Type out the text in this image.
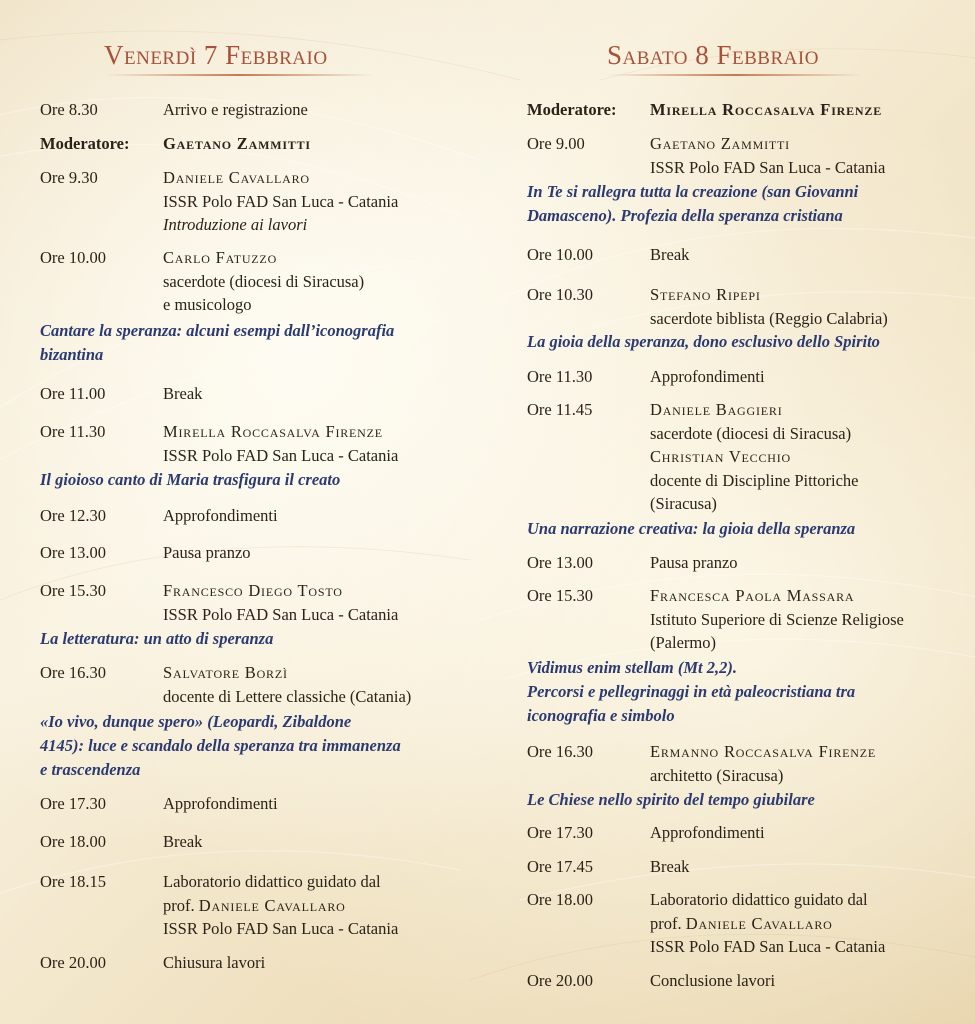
Venerdì 7 Febbraio
Ore 8.30	Arrivo e registrazione
Moderatore:	Gaetano Zammitti
Ore 9.30	Daniele Cavallaro
ISSR Polo FAD San Luca - Catania
Introduzione ai lavori
Ore 10.00	Carlo Fatuzzo
sacerdote (diocesi di Siracusa)
e musicologo
Cantare la speranza: alcuni esempi dall’iconografia
bizantina
Ore 11.00	Break
Ore 11.30	Mirella Roccasalva Firenze
ISSR Polo FAD San Luca - Catania
Il gioioso canto di Maria trasfigura il creato
Ore 12.30	Approfondimenti
Ore 13.00	Pausa pranzo
Ore 15.30	Francesco Diego Tosto
ISSR Polo FAD San Luca - Catania
La letteratura: un atto di speranza
Ore 16.30	Salvatore Borzì
docente di Lettere classiche (Catania)
«Io vivo, dunque spero» (Leopardi, Zibaldone
4145): luce e scandalo della speranza tra immanenza
e trascendenza
Ore 17.30	Approfondimenti
Ore 18.00	Break
Ore 18.15	Laboratorio didattico guidato dal
prof. Daniele Cavallaro
ISSR Polo FAD San Luca - Catania
Ore 20.00	Chiusura lavori
Sabato 8 Febbraio
Moderatore:	Mirella Roccasalva Firenze
Ore 9.00	Gaetano Zammitti
ISSR Polo FAD San Luca - Catania
In Te si rallegra tutta la creazione (san Giovanni
Damasceno). Profezia della speranza cristiana
Ore 10.00	Break
Ore 10.30	Stefano Ripepi
sacerdote biblista (Reggio Calabria)
La gioia della speranza, dono esclusivo dello Spirito
Ore 11.30	Approfondimenti
Ore 11.45	Daniele Baggieri
sacerdote (diocesi di Siracusa)
Christian Vecchio
docente di Discipline Pittoriche
(Siracusa)
Una narrazione creativa: la gioia della speranza
Ore 13.00	Pausa pranzo
Ore 15.30	Francesca Paola Massara
Istituto Superiore di Scienze Religiose
(Palermo)
Vidimus enim stellam (Mt 2,2).
Percorsi e pellegrinaggi in età paleocristiana tra
iconografia e simbolo
Ore 16.30	Ermanno Roccasalva Firenze
architetto (Siracusa)
Le Chiese nello spirito del tempo giubilare
Ore 17.30	Approfondimenti
Ore 17.45	Break
Ore 18.00	Laboratorio didattico guidato dal
prof. Daniele Cavallaro
ISSR Polo FAD San Luca - Catania
Ore 20.00	Conclusione lavori
